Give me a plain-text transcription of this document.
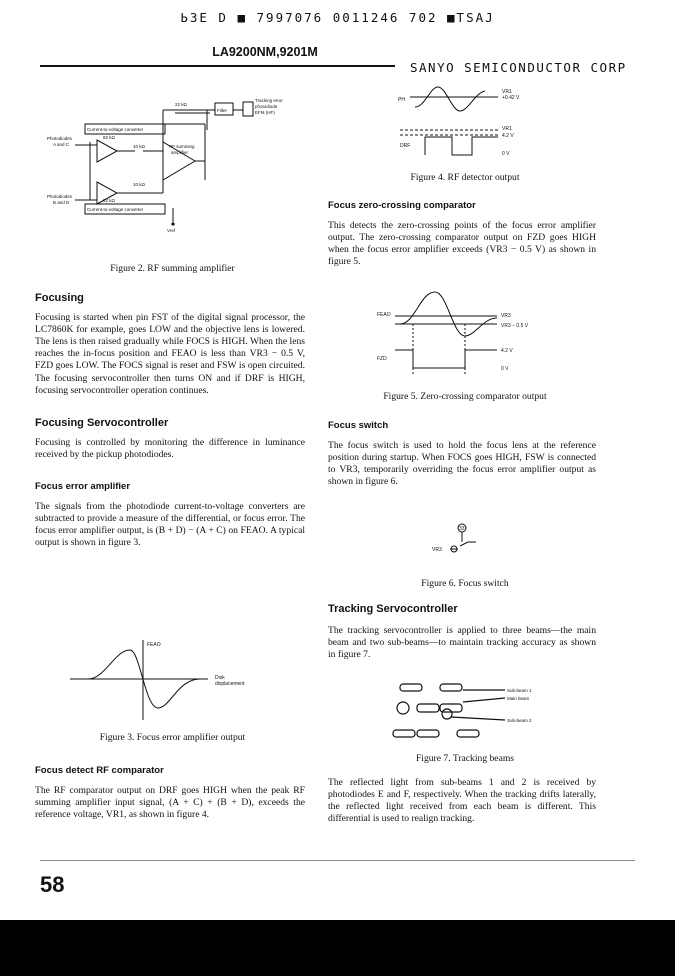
Ь3E D ■ 7997076 0011246 702 ■TSAJ
LA9200NM,9201M
SANYO SEMICONDUCTOR CORP
22 kΩ
Filter
Tracking error
photodiode
EFM (HF)
Photodiodes
A and C
Photodiodes
B and D
Current-to-voltage converter
Current-to-voltage converter
82 kΩ
82 kΩ
10 kΩ
10 kΩ
RF summing
amplifier
Vref
Figure 2. RF summing amplifier
Focusing
Focusing is started when pin FST of the digital signal processor, the LC7860K for example, goes LOW and the objective lens is lowered. The lens is then raised gradually while FOCS is HIGH. When the lens reaches the in-focus position and FEAO is less than VR3 − 0.5 V, FZD goes LOW. The FOCS signal is reset and FSW is open circuited. The focusing servocontroller then turns ON and if DRF is HIGH, focusing servocontroller operation continues.
Focusing Servocontroller
Focusing is controlled by monitoring the difference in luminance received by the pickup photodiodes.
Focus error amplifier
The signals from the photodiode current-to-voltage converters are subtracted to provide a measure of the differential, or focus error. The focus error amplifier output, is (B + D) − (A + C) on FEAO. A typical output is shown in figure 3.
FEAO
Disk
displacement
Figure 3. Focus error amplifier output
Focus detect RF comparator
The RF comparator output on DRF goes HIGH when the peak RF summing amplifier input signal, (A + C) + (B + D), exceeds the reference voltage, VR1, as shown in figure 4.
PH
VR1
+0.42 V
VR1
4.2 V
DRF
0 V
Figure 4. RF detector output
Focus zero-crossing comparator
This detects the zero-crossing points of the focus error amplifier output. The zero-crossing comparator output on FZD goes HIGH when the focus error amplifier exceeds (VR3 − 0.5 V) as shown in figure 5.
FEAO	VR3
VR3 − 0.5 V
4.2 V
FZD
0 V
Figure 5. Zero-crossing comparator output
Focus switch
The focus switch is used to hold the focus lens at the reference position during startup. When FOCS goes HIGH, FSW is connected to VR3, temporarily overriding the focus error amplifier output as shown in figure 6.
33
VR3
Figure 6. Focus switch
Tracking Servocontroller
The tracking servocontroller is applied to three beams—the main beam and two sub-beams—to maintain tracking accuracy as shown in figure 7.
Sub-beam 1
Main beam
Sub-beam 2
Figure 7. Tracking beams
The reflected light from sub-beams 1 and 2 is received by photodiodes E and F, respectively. When the tracking drifts laterally, the reflected light received from each beam is different. This differential is used to realign tracking.
58
